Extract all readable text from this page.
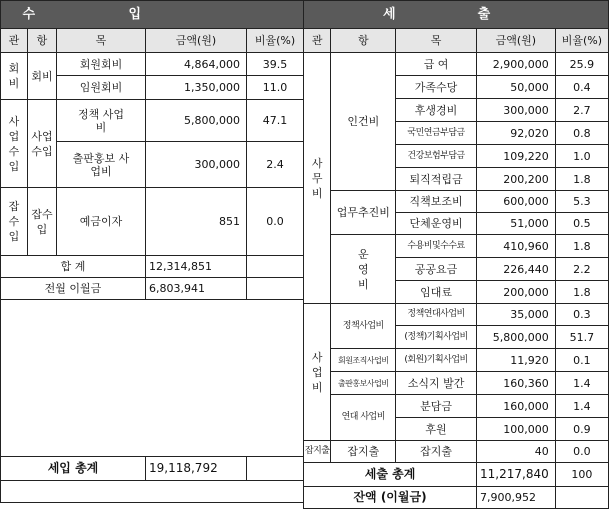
수		입		
관	항	목	금액(원)	비율(%)
회비	회비	회원회비	4,864,000	39.5
		임원회비	1,350,000	11.0
사업수입	사업수입	정책 사업비	5,800,000	47.1
		출판홍보 사업비	300,000	2.4
잡수입	잡수입	예금이자	851	0.0
합 계			12,314,851	
전월 이월금			6,803,941	

세입 총계			19,118,792	

세		출		
관	항	목	금액(원)	비율(%)
사무비	인건비	급 여	2,900,000	25.9
		가족수당	50,000	0.4
		후생경비	300,000	2.7
		국민연금부담금	92,020	0.8
		건강보험부담금	109,220	1.0
		퇴직적립금	200,200	1.8
	업무추진비	직책보조비	600,000	5.3
		단체운영비	51,000	0.5
	운영비	수용비및수수료	410,960	1.8
		공공요금	226,440	2.2
		임대료	200,000	1.8
사업비	정책사업비	정책연대사업비	35,000	0.3
		(정책)기획사업비	5,800,000	51.7
	회원조직사업비	(회원)기획사업비	11,920	0.1
	출판홍보사업비	소식지 발간	160,360	1.4
	연대 사업비	분담금	160,000	1.4
		후원	100,000	0.9
잡지출	잡지출	잡지출	40	0.0
세출 총계			11,217,840	100
잔액 (이월금)			7,900,952	
